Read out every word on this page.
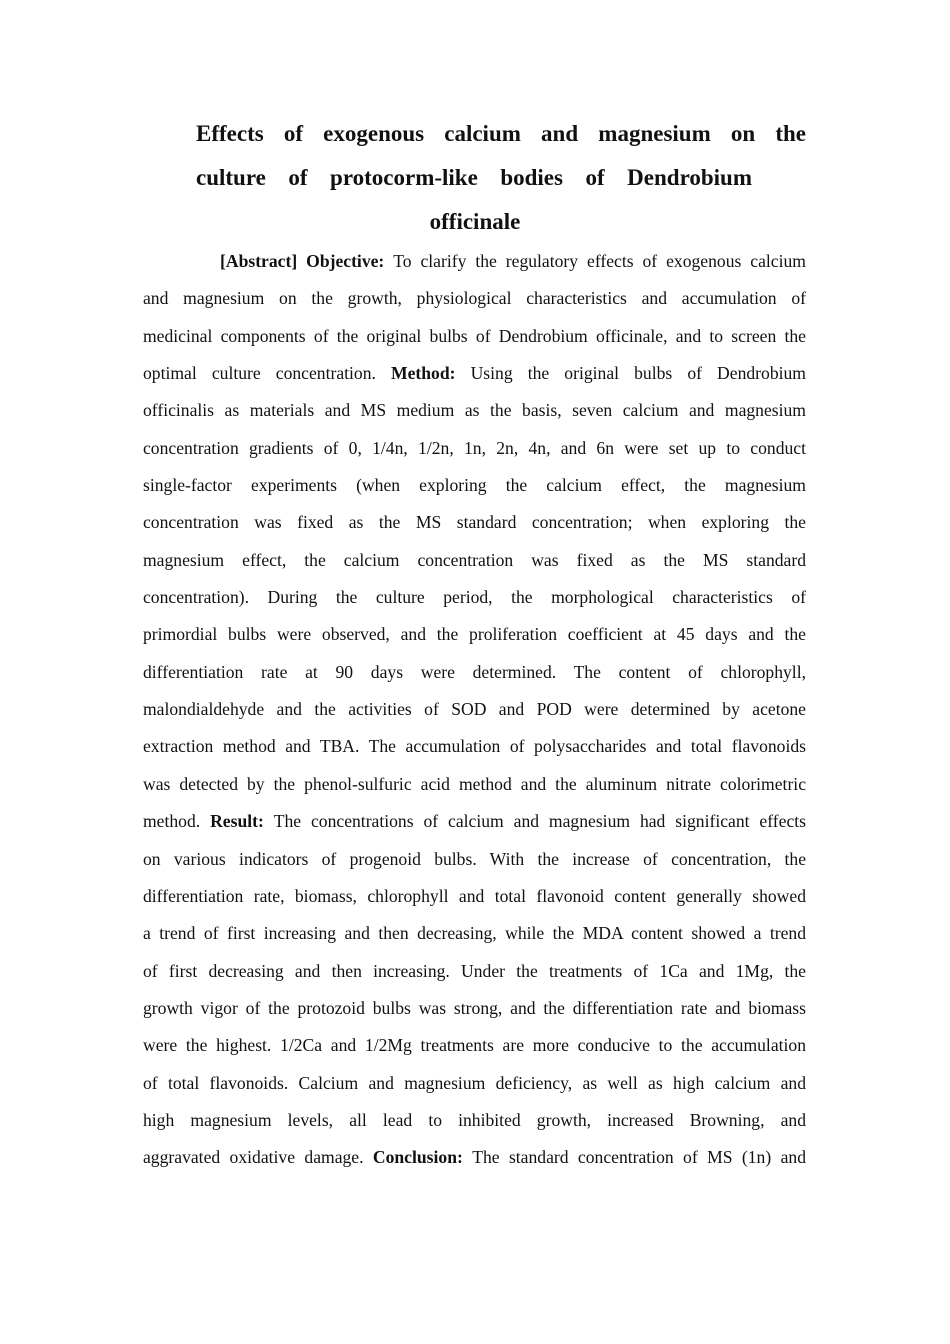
Effects of exogenous calcium and magnesium on the
culture of protocorm-like bodies of Dendrobium
officinale
[Abstract] Objective: To clarify the regulatory effects of exogenous calcium
and magnesium on the growth, physiological characteristics and accumulation of
medicinal components of the original bulbs of Dendrobium officinale, and to screen the
optimal culture concentration. Method: Using the original bulbs of Dendrobium
officinalis as materials and MS medium as the basis, seven calcium and magnesium
concentration gradients of 0, 1/4n, 1/2n, 1n, 2n, 4n, and 6n were set up to conduct
single-factor experiments (when exploring the calcium effect, the magnesium
concentration was fixed as the MS standard concentration; when exploring the
magnesium effect, the calcium concentration was fixed as the MS standard
concentration). During the culture period, the morphological characteristics of
primordial bulbs were observed, and the proliferation coefficient at 45 days and the
differentiation rate at 90 days were determined. The content of chlorophyll,
malondialdehyde and the activities of SOD and POD were determined by acetone
extraction method and TBA. The accumulation of polysaccharides and total flavonoids
was detected by the phenol-sulfuric acid method and the aluminum nitrate colorimetric
method. Result: The concentrations of calcium and magnesium had significant effects
on various indicators of progenoid bulbs. With the increase of concentration, the
differentiation rate, biomass, chlorophyll and total flavonoid content generally showed
a trend of first increasing and then decreasing, while the MDA content showed a trend
of first decreasing and then increasing. Under the treatments of 1Ca and 1Mg, the
growth vigor of the protozoid bulbs was strong, and the differentiation rate and biomass
were the highest. 1/2Ca and 1/2Mg treatments are more conducive to the accumulation
of total flavonoids. Calcium and magnesium deficiency, as well as high calcium and
high magnesium levels, all lead to inhibited growth, increased Browning, and
aggravated oxidative damage. Conclusion: The standard concentration of MS (1n) and
